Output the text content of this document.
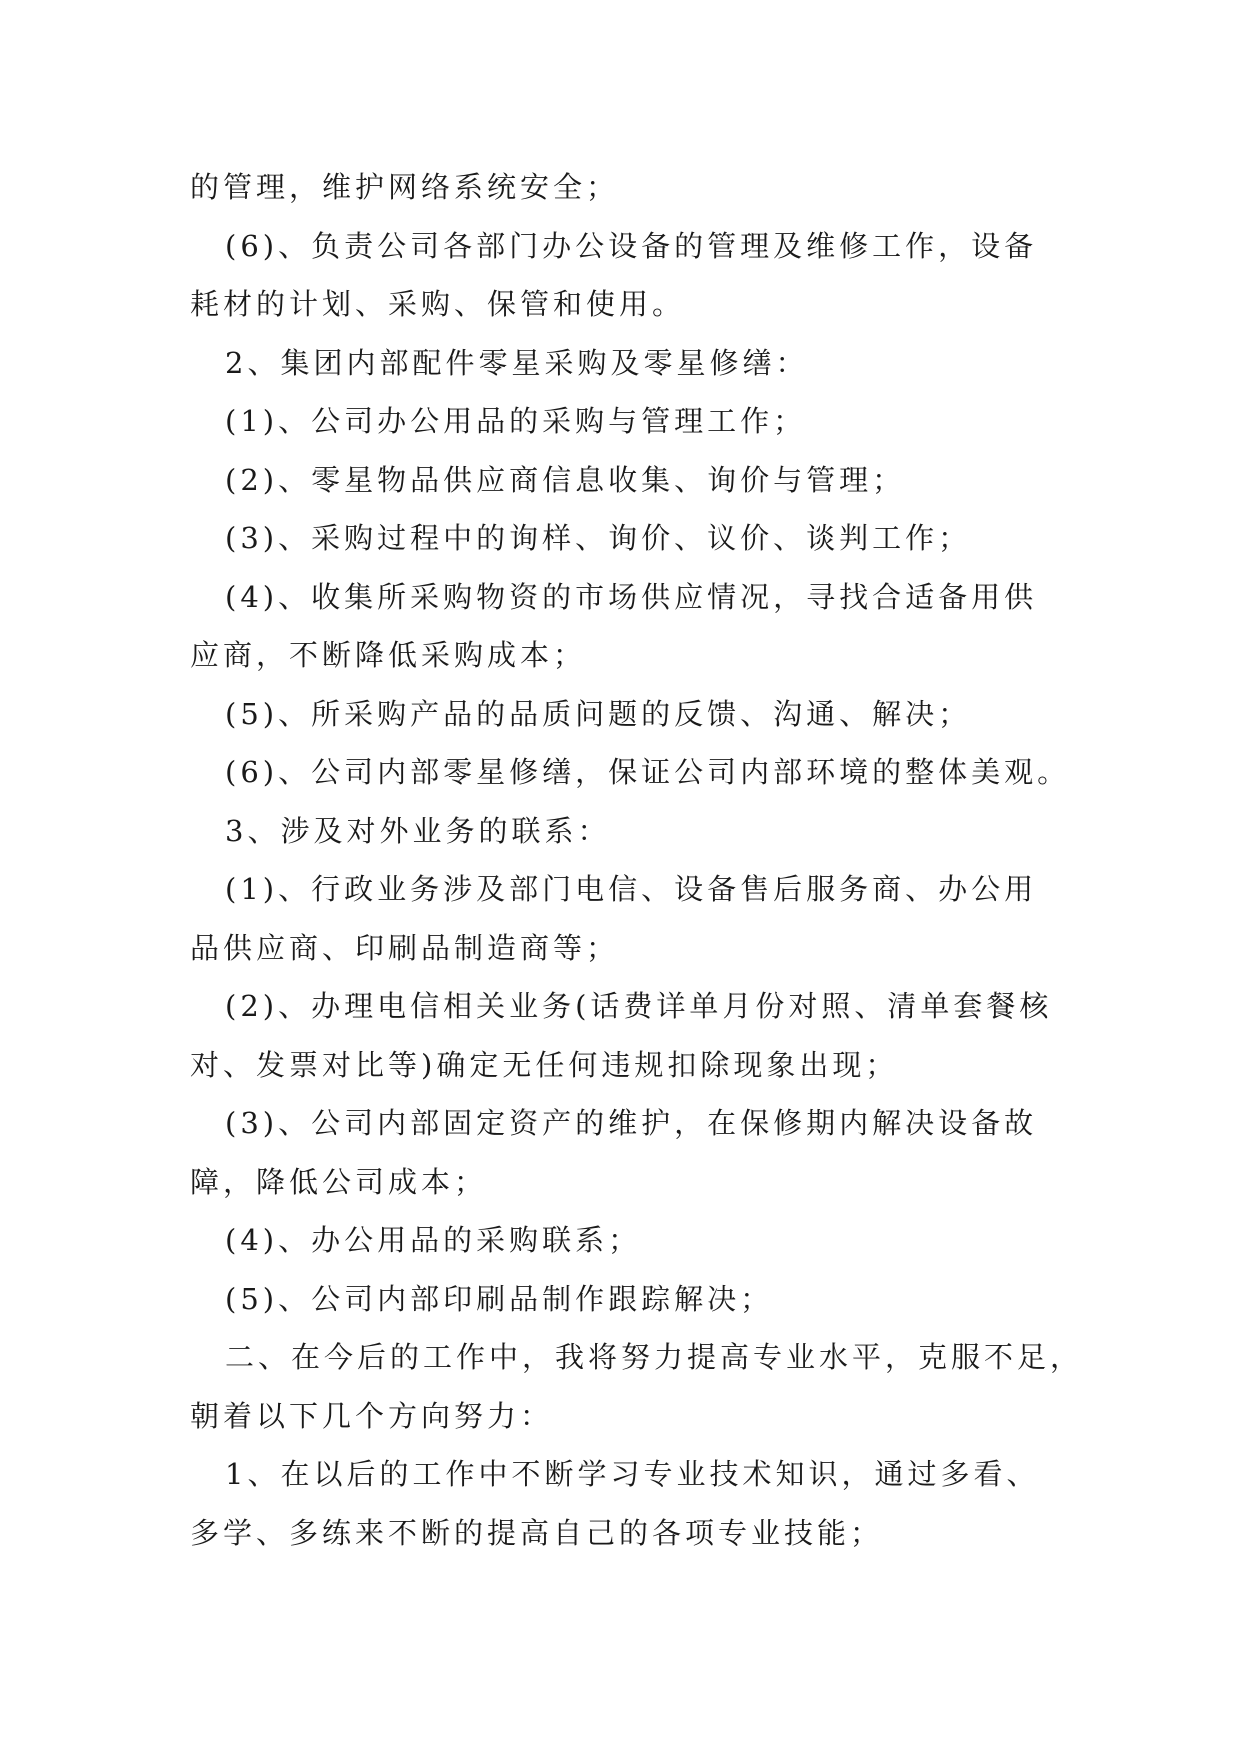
的管理，维护网络系统安全；
(6)、负责公司各部门办公设备的管理及维修工作，设备
耗材的计划、采购、保管和使用。
2、集团内部配件零星采购及零星修缮：
(1)、公司办公用品的采购与管理工作；
(2)、零星物品供应商信息收集、询价与管理；
(3)、采购过程中的询样、询价、议价、谈判工作；
(4)、收集所采购物资的市场供应情况，寻找合适备用供
应商，不断降低采购成本；
(5)、所采购产品的品质问题的反馈、沟通、解决；
(6)、公司内部零星修缮，保证公司内部环境的整体美观。
3、涉及对外业务的联系：
(1)、行政业务涉及部门电信、设备售后服务商、办公用
品供应商、印刷品制造商等；
(2)、办理电信相关业务(话费详单月份对照、清单套餐核
对、发票对比等)确定无任何违规扣除现象出现；
(3)、公司内部固定资产的维护，在保修期内解决设备故
障，降低公司成本；
(4)、办公用品的采购联系；
(5)、公司内部印刷品制作跟踪解决；
二、在今后的工作中，我将努力提高专业水平，克服不足，
朝着以下几个方向努力：
1、在以后的工作中不断学习专业技术知识，通过多看、
多学、多练来不断的提高自己的各项专业技能；
